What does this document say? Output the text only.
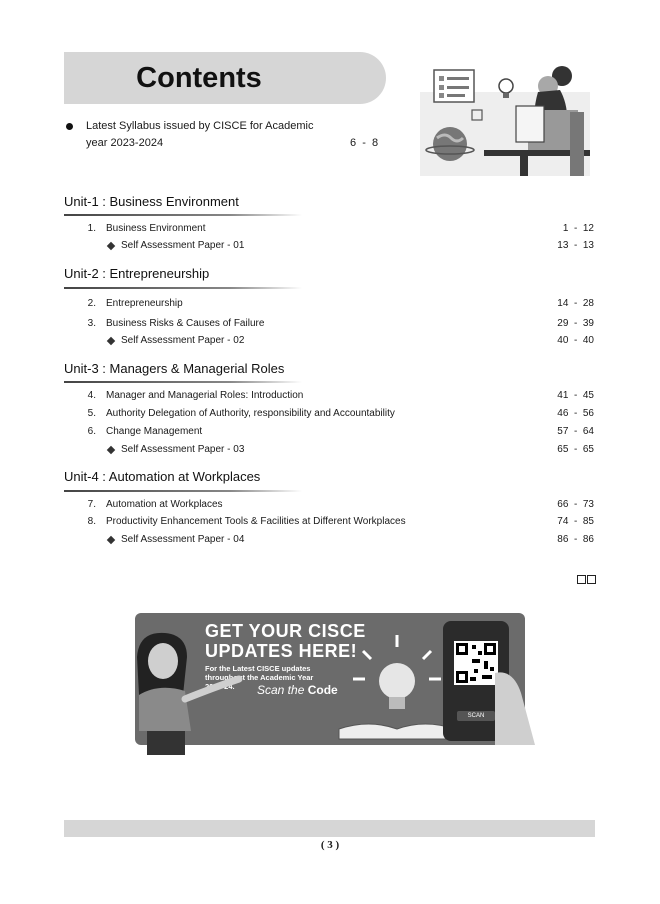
Contents
Latest Syllabus issued by CISCE for Academic
year 2023-2024	6  -  8
Unit-1 : Business Environment
1. Business Environment	1  -  12
Self Assessment Paper - 01	13  -  13
Unit-2 : Entrepreneurship
2. Entrepreneurship	14  -  28
3. Business Risks & Causes of Failure	29  -  39
Self Assessment Paper - 02	40  -  40
Unit-3 : Managers & Managerial Roles
4. Manager and Managerial Roles: Introduction	41  -  45
5. Authority Delegation of Authority, responsibility and Accountability	46  -  56
6. Change Management	57  -  64
Self Assessment Paper - 03	65  -  65
Unit-4 : Automation at Workplaces
7. Automation at Workplaces	66  -  73
8. Productivity Enhancement Tools & Facilities at Different Workplaces	74  -  85
Self Assessment Paper - 04	86  -  86
GET YOUR CISCE
UPDATES HERE!
For the Latest CISCE updates
throughout the Academic Year
2023-24.	Scan the Code
SCAN
( 3 )
